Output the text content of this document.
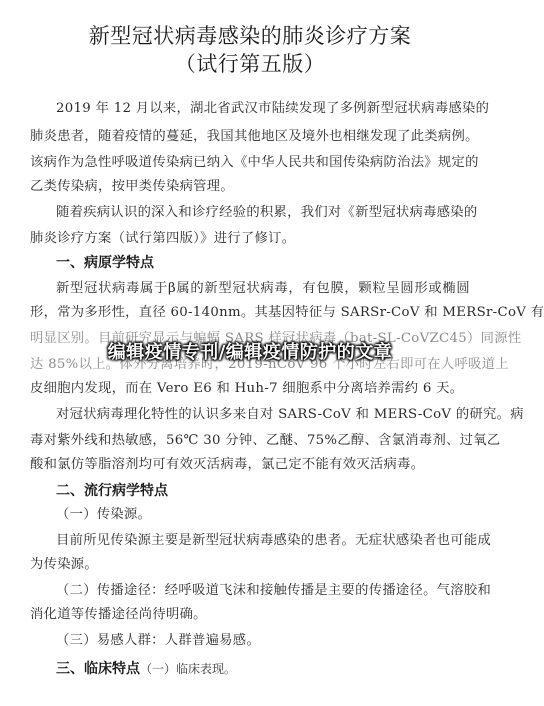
新型冠状病毒感染的肺炎诊疗方案
（试行第五版）
2019 年 12 月以来，湖北省武汉市陆续发现了多例新型冠状病毒感染的
肺炎患者，随着疫情的蔓延，我国其他地区及境外也相继发现了此类病例。
该病作为急性呼吸道传染病已纳入《中华人民共和国传染病防治法》规定的
乙类传染病，按甲类传染病管理。
随着疾病认识的深入和诊疗经验的积累，我们对《新型冠状病毒感染的
肺炎诊疗方案（试行第四版）》进行了修订。
一、病原学特点
新型冠状病毒属于β属的新型冠状病毒，有包膜，颗粒呈圆形或椭圆
形，常为多形性，直径 60-140nm。其基因特征与 SARSr-CoV 和 MERSr-CoV 有
明显区别。目前研究显示与蝙蝠 SARS 样冠状病毒（bat-SL-CoVZC45）同源性
达 85%以上。体外分离培养时，2019-nCoV 96 个小时左右即可在人呼吸道上
皮细胞内发现，而在 Vero E6 和 Huh-7 细胞系中分离培养需约 6 天。
对冠状病毒理化特性的认识多来自对 SARS-CoV 和 MERS-CoV 的研究。病
毒对紫外线和热敏感，56℃ 30 分钟、乙醚、75%乙醇、含氯消毒剂、过氧乙
酸和氯仿等脂溶剂均可有效灭活病毒，氯己定不能有效灭活病毒。
二、流行病学特点
（一）传染源。
目前所见传染源主要是新型冠状病毒感染的患者。无症状感染者也可能成
为传染源。
（二）传播途径：经呼吸道飞沫和接触传播是主要的传播途径。气溶胶和
消化道等传播途径尚待明确。
（三）易感人群：人群普遍易感。
三、临床特点（一）临床表现。
编辑疫情专刊/编辑疫情防护的文章
